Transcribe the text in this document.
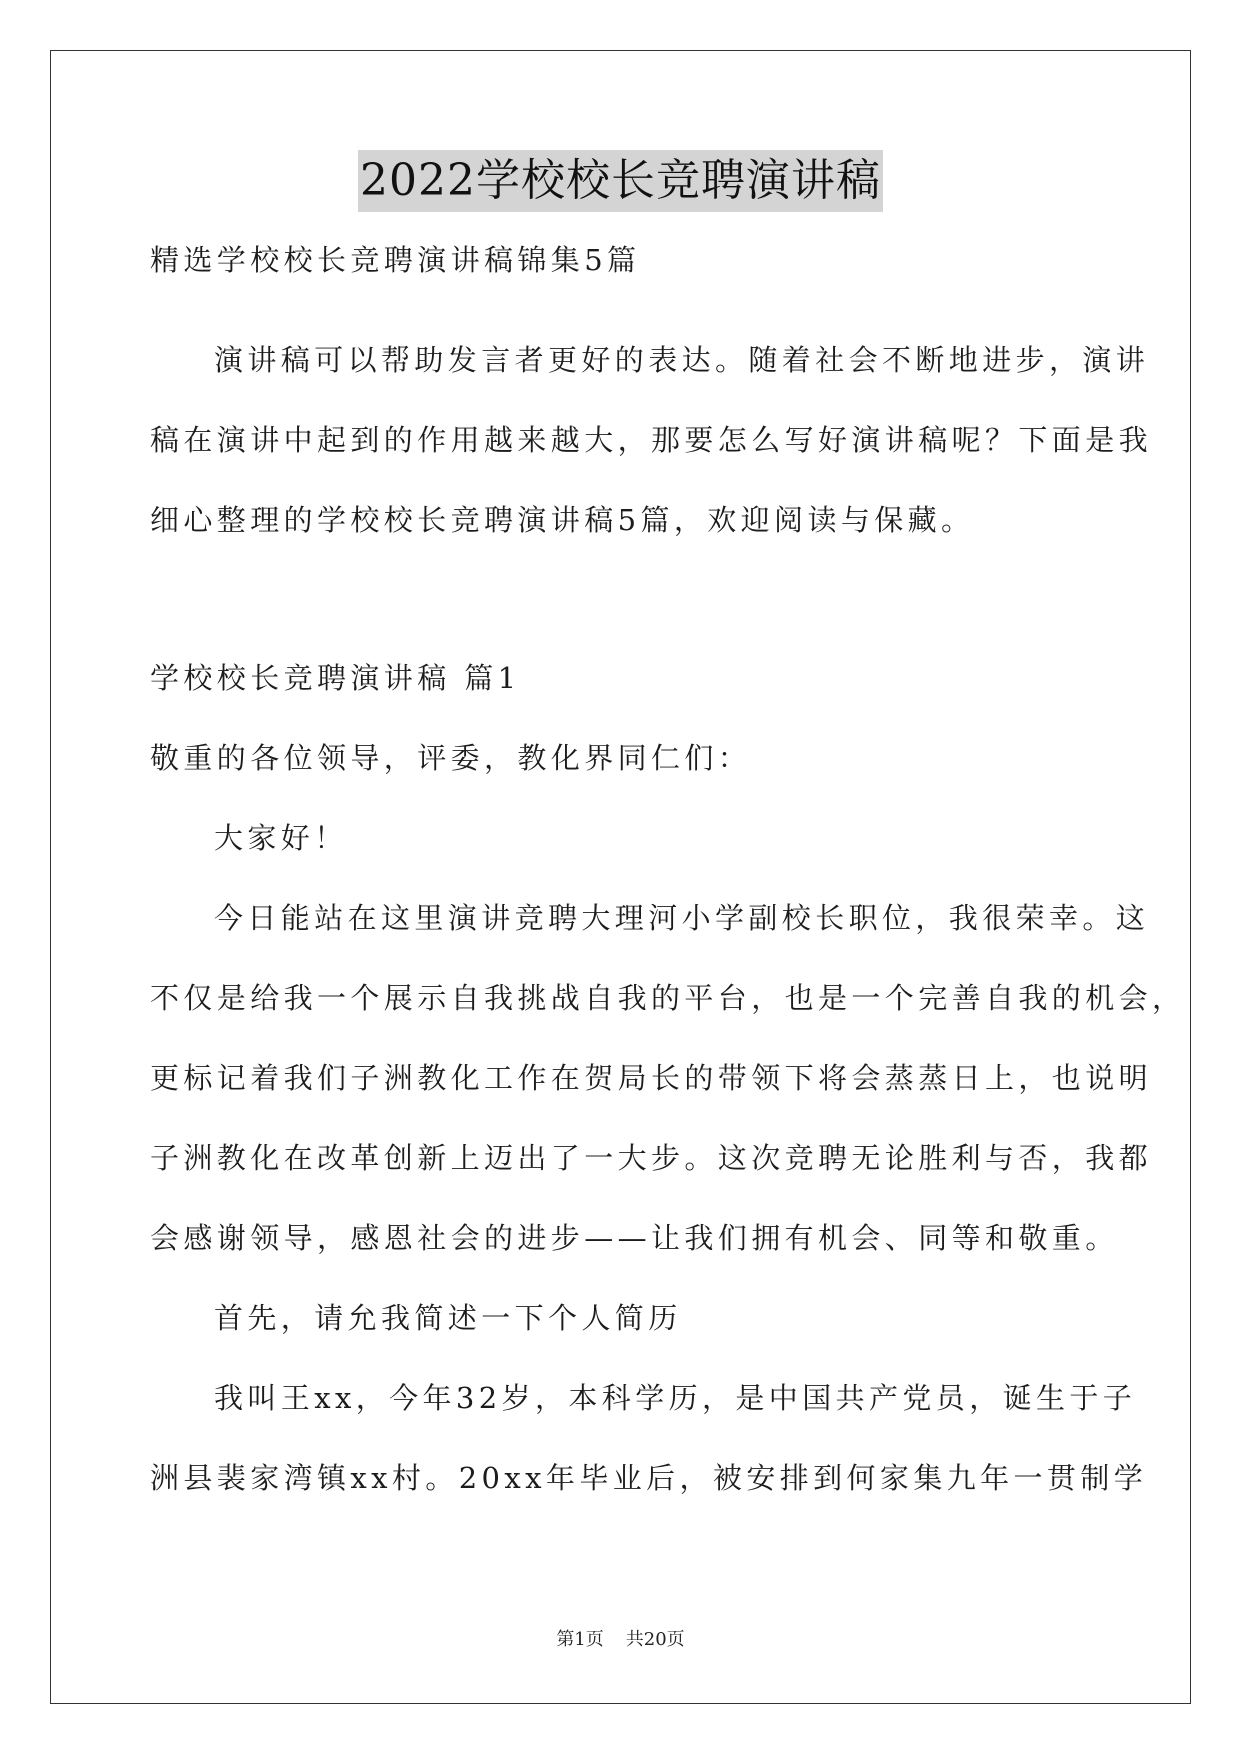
2022学校校长竞聘演讲稿
精选学校校长竞聘演讲稿锦集5篇
演讲稿可以帮助发言者更好的表达。随着社会不断地进步，演讲
稿在演讲中起到的作用越来越大，那要怎么写好演讲稿呢？下面是我
细心整理的学校校长竞聘演讲稿5篇，欢迎阅读与保藏。
学校校长竞聘演讲稿 篇1
敬重的各位领导，评委，教化界同仁们：
大家好！
今日能站在这里演讲竞聘大理河小学副校长职位，我很荣幸。这
不仅是给我一个展示自我挑战自我的平台，也是一个完善自我的机会，
更标记着我们子洲教化工作在贺局长的带领下将会蒸蒸日上，也说明
子洲教化在改革创新上迈出了一大步。这次竞聘无论胜利与否，我都
会感谢领导，感恩社会的进步——让我们拥有机会、同等和敬重。
首先，请允我简述一下个人简历
我叫王xx，今年32岁，本科学历，是中国共产党员，诞生于子
洲县裴家湾镇xx村。20xx年毕业后，被安排到何家集九年一贯制学
第1页 共20页
